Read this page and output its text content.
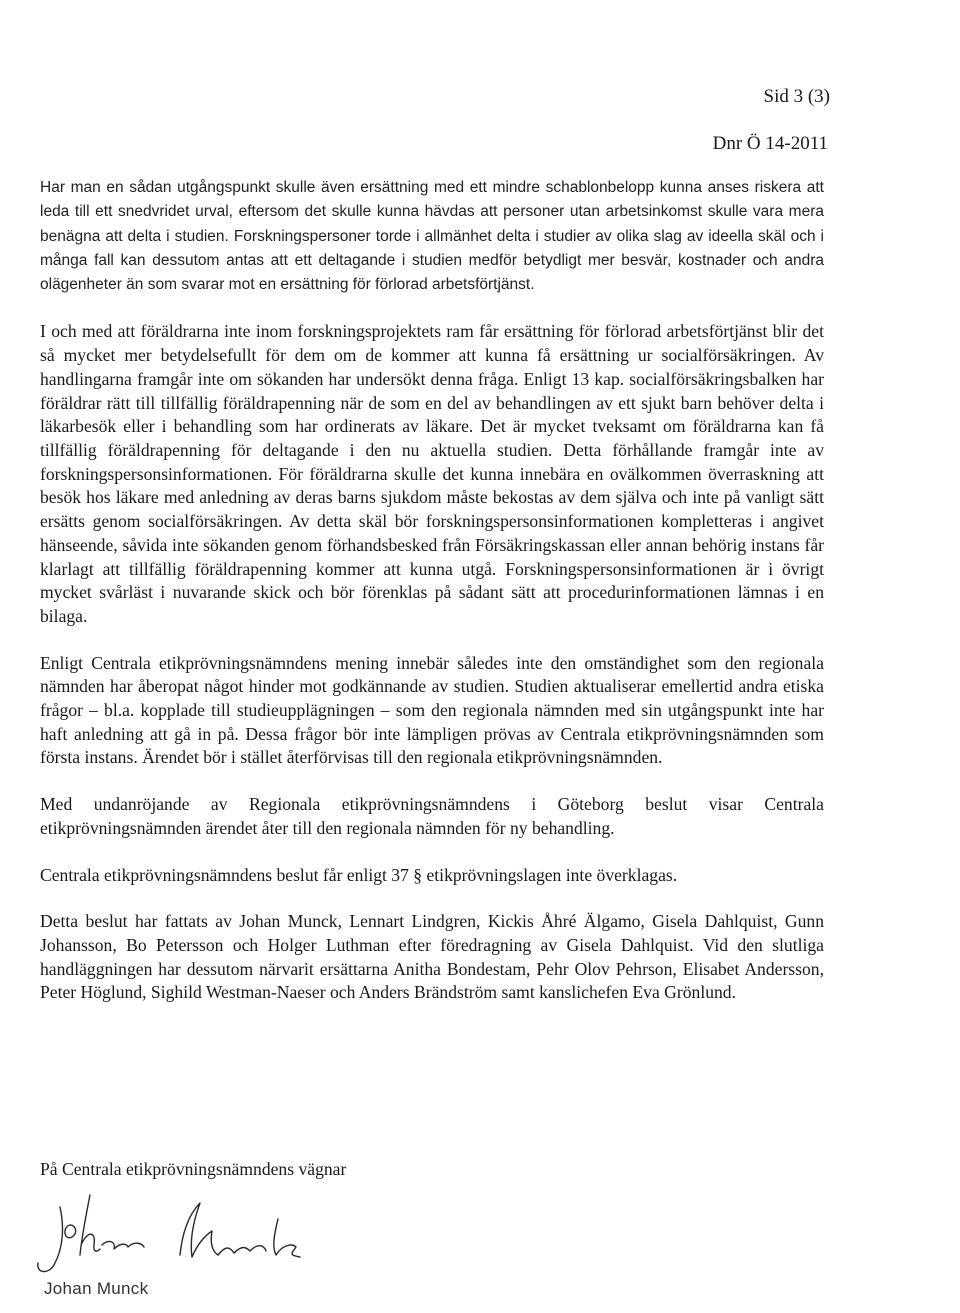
Sid 3 (3)
Dnr Ö 14-2011

Har man en sådan utgångspunkt skulle även ersättning med ett mindre schablonbelopp kunna anses riskera att leda till ett snedvridet urval, eftersom det skulle kunna hävdas att personer utan arbetsinkomst skulle vara mera benägna att delta i studien. Forskningspersoner torde i allmänhet delta i studier av olika slag av ideella skäl och i många fall kan dessutom antas att ett deltagande i studien medför betydligt mer besvär, kostnader och andra olägenheter än som svarar mot en ersättning för förlorad arbetsförtjänst.

I och med att föräldrarna inte inom forskningsprojektets ram får ersättning för förlorad arbetsförtjänst blir det så mycket mer betydelsefullt för dem om de kommer att kunna få ersättning ur socialförsäkringen. Av handlingarna framgår inte om sökanden har undersökt denna fråga. Enligt 13 kap. socialförsäkringsbalken har föräldrar rätt till tillfällig föräldrapenning när de som en del av behandlingen av ett sjukt barn behöver delta i läkarbesök eller i behandling som har ordinerats av läkare. Det är mycket tveksamt om föräldrarna kan få tillfällig föräldrapenning för deltagande i den nu aktuella studien. Detta förhållande framgår inte av forskningspersonsinformationen. För föräldrarna skulle det kunna innebära en ovälkommen överraskning att besök hos läkare med anledning av deras barns sjukdom måste bekostas av dem själva och inte på vanligt sätt ersätts genom socialförsäkringen. Av detta skäl bör forskningspersonsinformationen kompletteras i angivet hänseende, såvida inte sökanden genom förhandsbesked från Försäkringskassan eller annan behörig instans får klarlagt att tillfällig föräldrapenning kommer att kunna utgå. Forskningspersonsinformationen är i övrigt mycket svårläst i nuvarande skick och bör förenklas på sådant sätt att procedurinformationen lämnas i en bilaga.

Enligt Centrala etikprövningsnämndens mening innebär således inte den omständighet som den regionala nämnden har åberopat något hinder mot godkännande av studien. Studien aktualiserar emellertid andra etiska frågor – bl.a. kopplade till studieupplägningen – som den regionala nämnden med sin utgångspunkt inte har haft anledning att gå in på. Dessa frågor bör inte lämpligen prövas av Centrala etikprövningsnämnden som första instans. Ärendet bör i stället återförvisas till den regionala etikprövningsnämnden.

Med undanröjande av Regionala etikprövningsnämndens i Göteborg beslut visar Centrala etikprövningsnämnden ärendet åter till den regionala nämnden för ny behandling.

Centrala etikprövningsnämndens beslut får enligt 37 § etikprövningslagen inte överklagas.

Detta beslut har fattats av Johan Munck, Lennart Lindgren, Kickis Åhré Älgamo, Gisela Dahlquist, Gunn Johansson, Bo Petersson och Holger Luthman efter föredragning av Gisela Dahlquist. Vid den slutliga handläggningen har dessutom närvarit ersättarna Anitha Bondestam, Pehr Olov Pehrson, Elisabet Andersson, Peter Höglund, Sighild Westman-Naeser och Anders Brändström samt kanslichefen Eva Grönlund.

På Centrala etikprövningsnämndens vägnar
Johan Munck
